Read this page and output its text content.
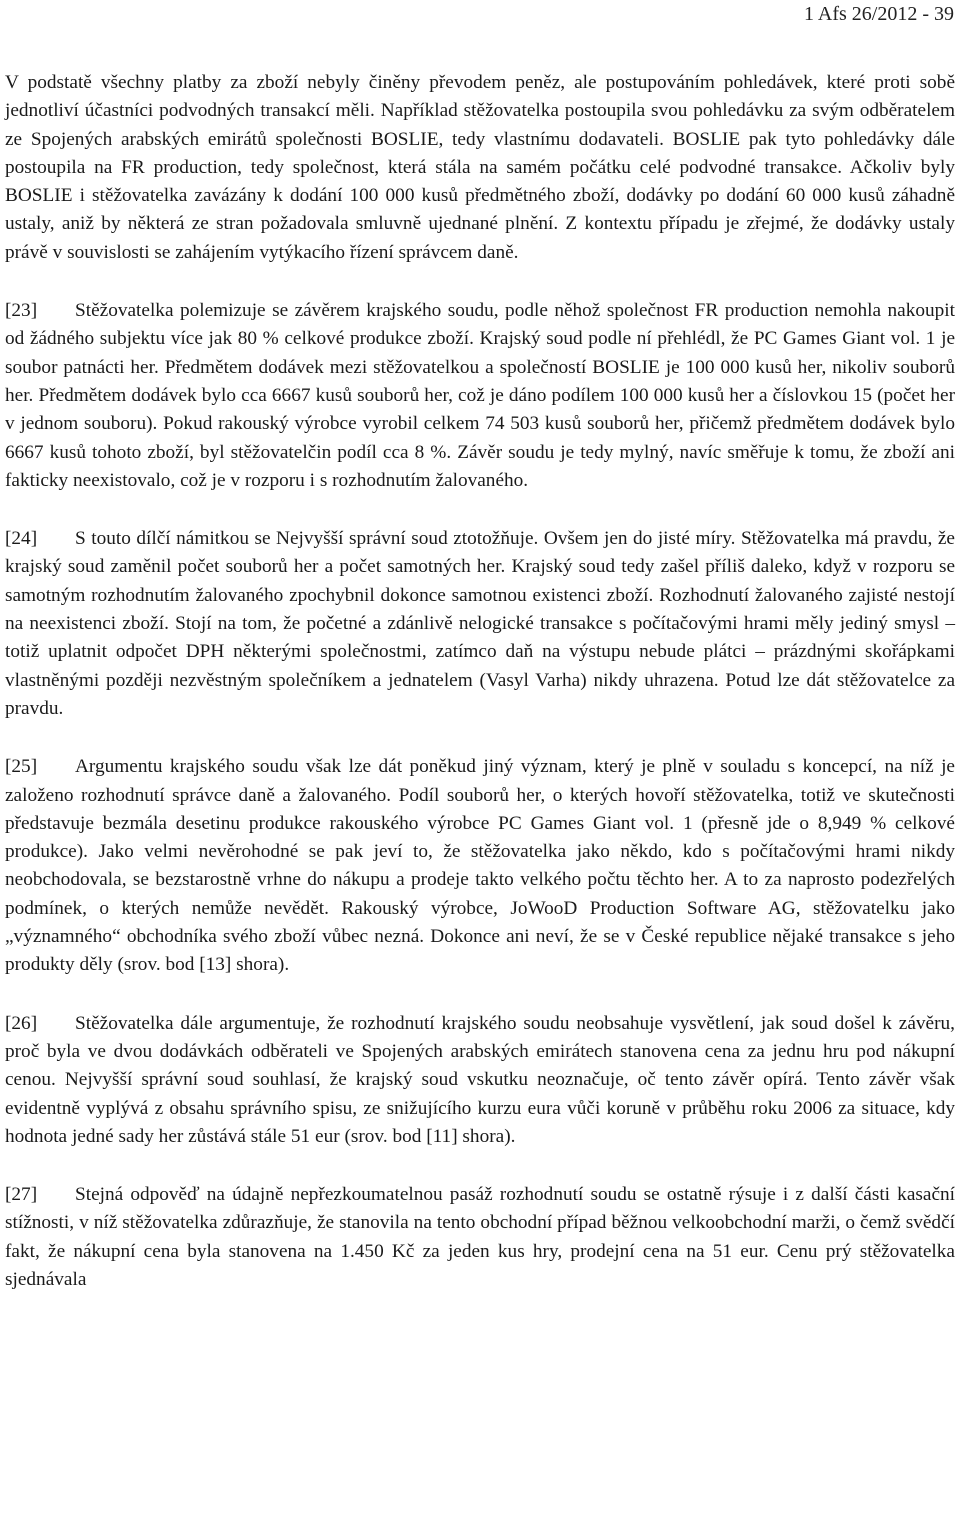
1 Afs 26/2012 - 39

V podstatě všechny platby za zboží nebyly činěny převodem peněz, ale postupováním pohledávek, které proti sobě jednotliví účastníci podvodných transakcí měli. Například stěžovatelka postoupila svou pohledávku za svým odběratelem ze Spojených arabských emirátů společnosti BOSLIE, tedy vlastnímu dodavateli. BOSLIE pak tyto pohledávky dále postoupila na FR production, tedy společnost, která stála na samém počátku celé podvodné transakce. Ačkoliv byly BOSLIE i stěžovatelka zavázány k dodání 100 000 kusů předmětného zboží, dodávky po dodání 60 000 kusů záhadně ustaly, aniž by některá ze stran požadovala smluvně ujednané plnění. Z kontextu případu je zřejmé, že dodávky ustaly právě v souvislosti se zahájením vytýkacího řízení správcem daně.

[23] Stěžovatelka polemizuje se závěrem krajského soudu, podle něhož společnost FR production nemohla nakoupit od žádného subjektu více jak 80 % celkové produkce zboží. Krajský soud podle ní přehlédl, že PC Games Giant vol. 1 je soubor patnácti her. Předmětem dodávek mezi stěžovatelkou a společností BOSLIE je 100 000 kusů her, nikoliv souborů her. Předmětem dodávek bylo cca 6667 kusů souborů her, což je dáno podílem 100 000 kusů her a číslovkou 15 (počet her v jednom souboru). Pokud rakouský výrobce vyrobil celkem 74 503 kusů souborů her, přičemž předmětem dodávek bylo 6667 kusů tohoto zboží, byl stěžovatelčin podíl cca 8 %. Závěr soudu je tedy mylný, navíc směřuje k tomu, že zboží ani fakticky neexistovalo, což je v rozporu i s rozhodnutím žalovaného.

[24] S touto dílčí námitkou se Nejvyšší správní soud ztotožňuje. Ovšem jen do jisté míry. Stěžovatelka má pravdu, že krajský soud zaměnil počet souborů her a počet samotných her. Krajský soud tedy zašel příliš daleko, když v rozporu se samotným rozhodnutím žalovaného zpochybnil dokonce samotnou existenci zboží. Rozhodnutí žalovaného zajisté nestojí na neexistenci zboží. Stojí na tom, že početné a zdánlivě nelogické transakce s počítačovými hrami měly jediný smysl – totiž uplatnit odpočet DPH některými společnostmi, zatímco daň na výstupu nebude plátci – prázdnými skořápkami vlastněnými později nezvěstným společníkem a jednatelem (Vasyl Varha) nikdy uhrazena. Potud lze dát stěžovatelce za pravdu.

[25] Argumentu krajského soudu však lze dát poněkud jiný význam, který je plně v souladu s koncepcí, na níž je založeno rozhodnutí správce daně a žalovaného. Podíl souborů her, o kterých hovoří stěžovatelka, totiž ve skutečnosti představuje bezmála desetinu produkce rakouského výrobce PC Games Giant vol. 1 (přesně jde o 8,949 % celkové produkce). Jako velmi nevěrohodné se pak jeví to, že stěžovatelka jako někdo, kdo s počítačovými hrami nikdy neobchodovala, se bezstarostně vrhne do nákupu a prodeje takto velkého počtu těchto her. A to za naprosto podezřelých podmínek, o kterých nemůže nevědět. Rakouský výrobce, JoWooD Production Software AG, stěžovatelku jako „významného“ obchodníka svého zboží vůbec nezná. Dokonce ani neví, že se v České republice nějaké transakce s jeho produkty děly (srov. bod [13] shora).

[26] Stěžovatelka dále argumentuje, že rozhodnutí krajského soudu neobsahuje vysvětlení, jak soud došel k závěru, proč byla ve dvou dodávkách odběrateli ve Spojených arabských emirátech stanovena cena za jednu hru pod nákupní cenou. Nejvyšší správní soud souhlasí, že krajský soud vskutku neoznačuje, oč tento závěr opírá. Tento závěr však evidentně vyplývá z obsahu správního spisu, ze snižujícího kurzu eura vůči koruně v průběhu roku 2006 za situace, kdy hodnota jedné sady her zůstává stále 51 eur (srov. bod [11] shora).

[27] Stejná odpověď na údajně nepřezkoumatelnou pasáž rozhodnutí soudu se ostatně rýsuje i z další části kasační stížnosti, v níž stěžovatelka zdůrazňuje, že stanovila na tento obchodní případ běžnou velkoobchodní marži, o čemž svědčí fakt, že nákupní cena byla stanovena na 1.450 Kč za jeden kus hry, prodejní cena na 51 eur. Cenu prý stěžovatelka sjednávala
